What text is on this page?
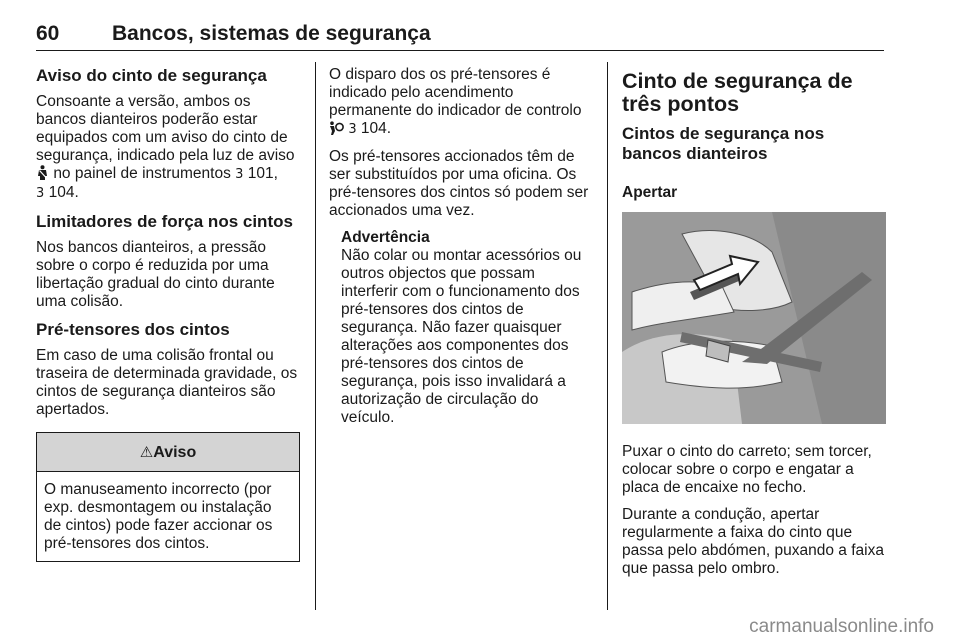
60	Bancos, sistemas de segurança
Aviso do cinto de segurança

Consoante a versão, ambos os bancos dianteiros poderão estar equipados com um aviso do cinto de segurança, indicado pela luz de aviso
no painel de instrumentos 3 101,
3 104.

Limitadores de força nos cintos

Nos bancos dianteiros, a pressão sobre o corpo é reduzida por uma libertação gradual do cinto durante uma colisão.

Pré-tensores dos cintos

Em caso de uma colisão frontal ou traseira de determinada gravidade, os cintos de segurança dianteiros são apertados.

⚠Aviso
O manuseamento incorrecto (por exp. desmontagem ou instalação de cintos) pode fazer accionar os pré-tensores dos cintos.

O disparo dos os pré-tensores é indicado pelo acendimento permanente do indicador de controlo
3 104.

Os pré-tensores accionados têm de ser substituídos por uma oficina. Os pré-tensores dos cintos só podem ser accionados uma vez.

Advertência
Não colar ou montar acessórios ou outros objectos que possam interferir com o funcionamento dos pré-tensores dos cintos de segurança. Não fazer quaisquer alterações aos componentes dos pré-tensores dos cintos de segurança, pois isso invalidará a autorização de circulação do veículo.
Cinto de segurança de três pontos
Cintos de segurança nos bancos dianteiros
Apertar

Puxar o cinto do carreto; sem torcer, colocar sobre o corpo e engatar a placa de encaixe no fecho.

Durante a condução, apertar regularmente a faixa do cinto que passa pelo abdómen, puxando a faixa que passa pelo ombro.

carmanualsonline.info
